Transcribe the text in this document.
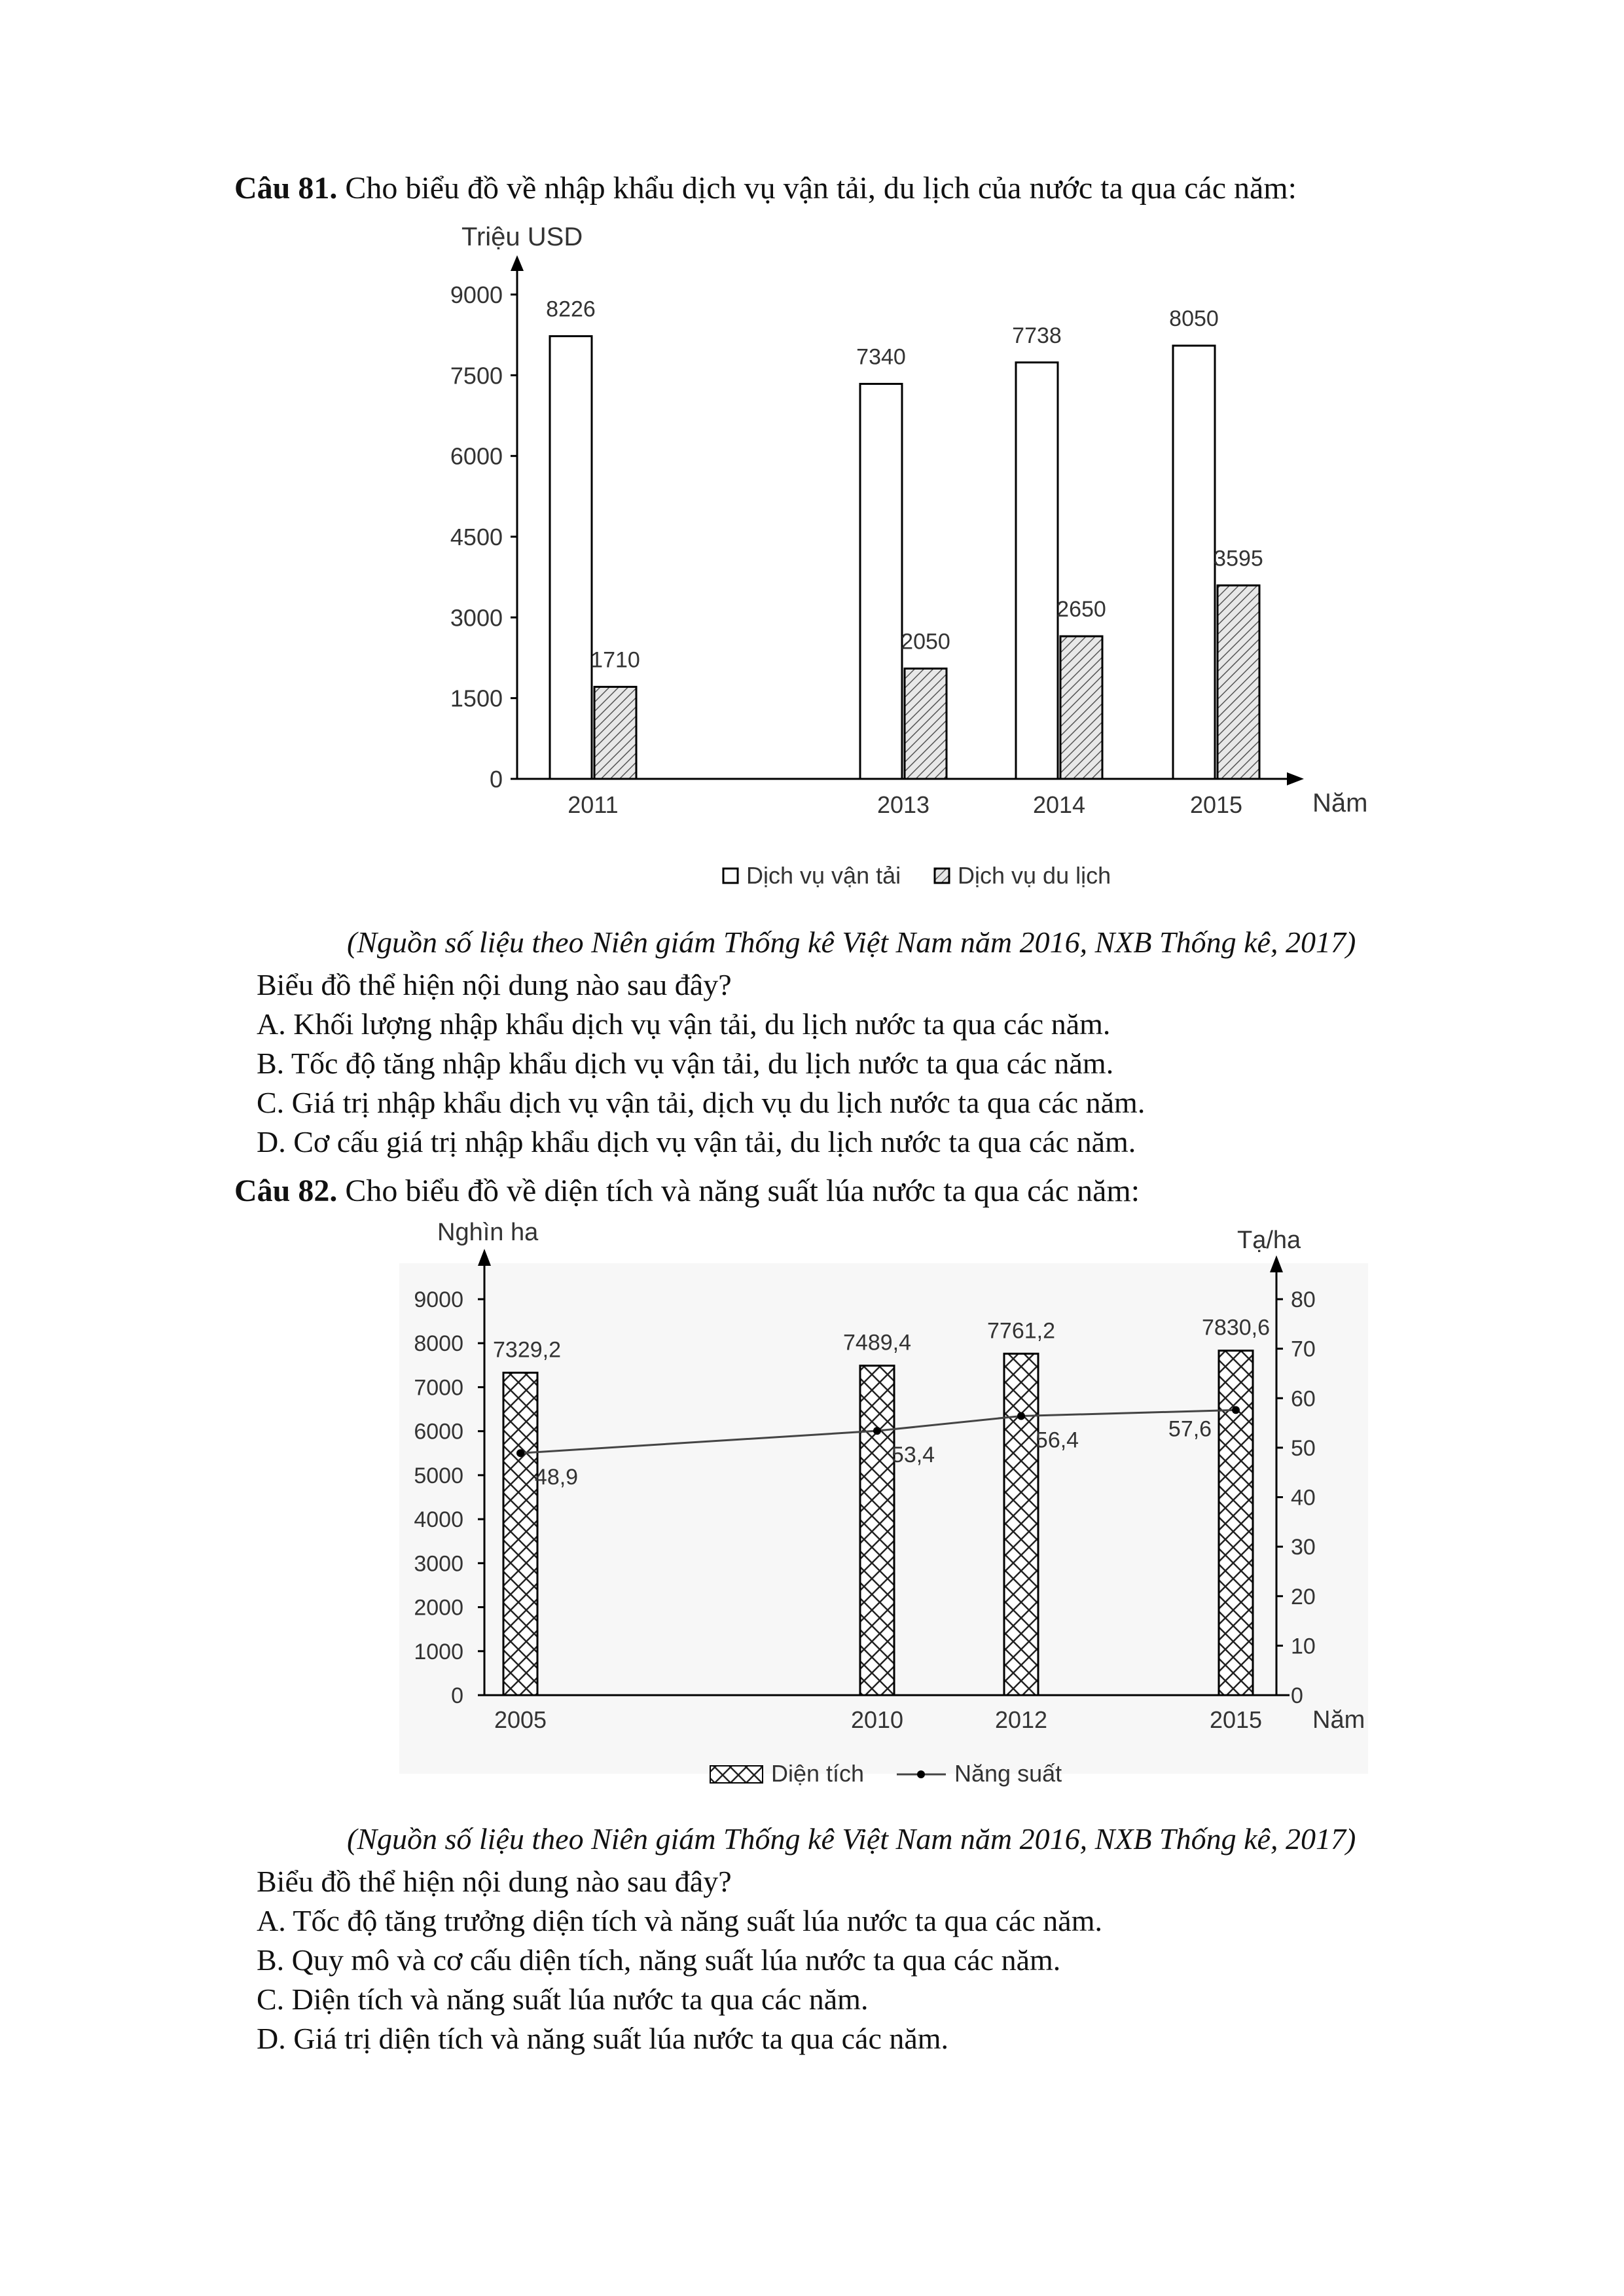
Câu 81. Cho biểu đồ về nhập khẩu dịch vụ vận tải, du lịch của nước ta qua các năm:
Triệu USD
Năm
0
1500
3000
4500
6000
7500
9000
2011	2013	2014	2015
8226
1710
7340
2050
7738
2650
8050
3595
Dịch vụ vận tải Dịch vụ du lịch
(Nguồn số liệu theo Niên giám Thống kê Việt Nam năm 2016, NXB Thống kê, 2017)
Biểu đồ thể hiện nội dung nào sau đây?
A. Khối lượng nhập khẩu dịch vụ vận tải, du lịch nước ta qua các năm.
B. Tốc độ tăng nhập khẩu dịch vụ vận tải, du lịch nước ta qua các năm.
C. Giá trị nhập khẩu dịch vụ vận tải, dịch vụ du lịch nước ta qua các năm.
D. Cơ cấu giá trị nhập khẩu dịch vụ vận tải, du lịch nước ta qua các năm.
Câu 82. Cho biểu đồ về diện tích và năng suất lúa nước ta qua các năm:
Nghìn ha	Tạ/ha
Năm
0
1000
2000
3000
4000
5000
6000
7000
8000
9000
0
10
20
30
40
50
60
70
80
2005	2010	2012	2015
7329,2	7489,4	7761,2	7830,6
48,9
53,4
56,4	57,6
Diện tích	Năng suất
(Nguồn số liệu theo Niên giám Thống kê Việt Nam năm 2016, NXB Thống kê, 2017)
Biểu đồ thể hiện nội dung nào sau đây?
A. Tốc độ tăng trưởng diện tích và năng suất lúa nước ta qua các năm.
B. Quy mô và cơ cấu diện tích, năng suất lúa nước ta qua các năm.
C. Diện tích và năng suất lúa nước ta qua các năm.
D. Giá trị diện tích và năng suất lúa nước ta qua các năm.
